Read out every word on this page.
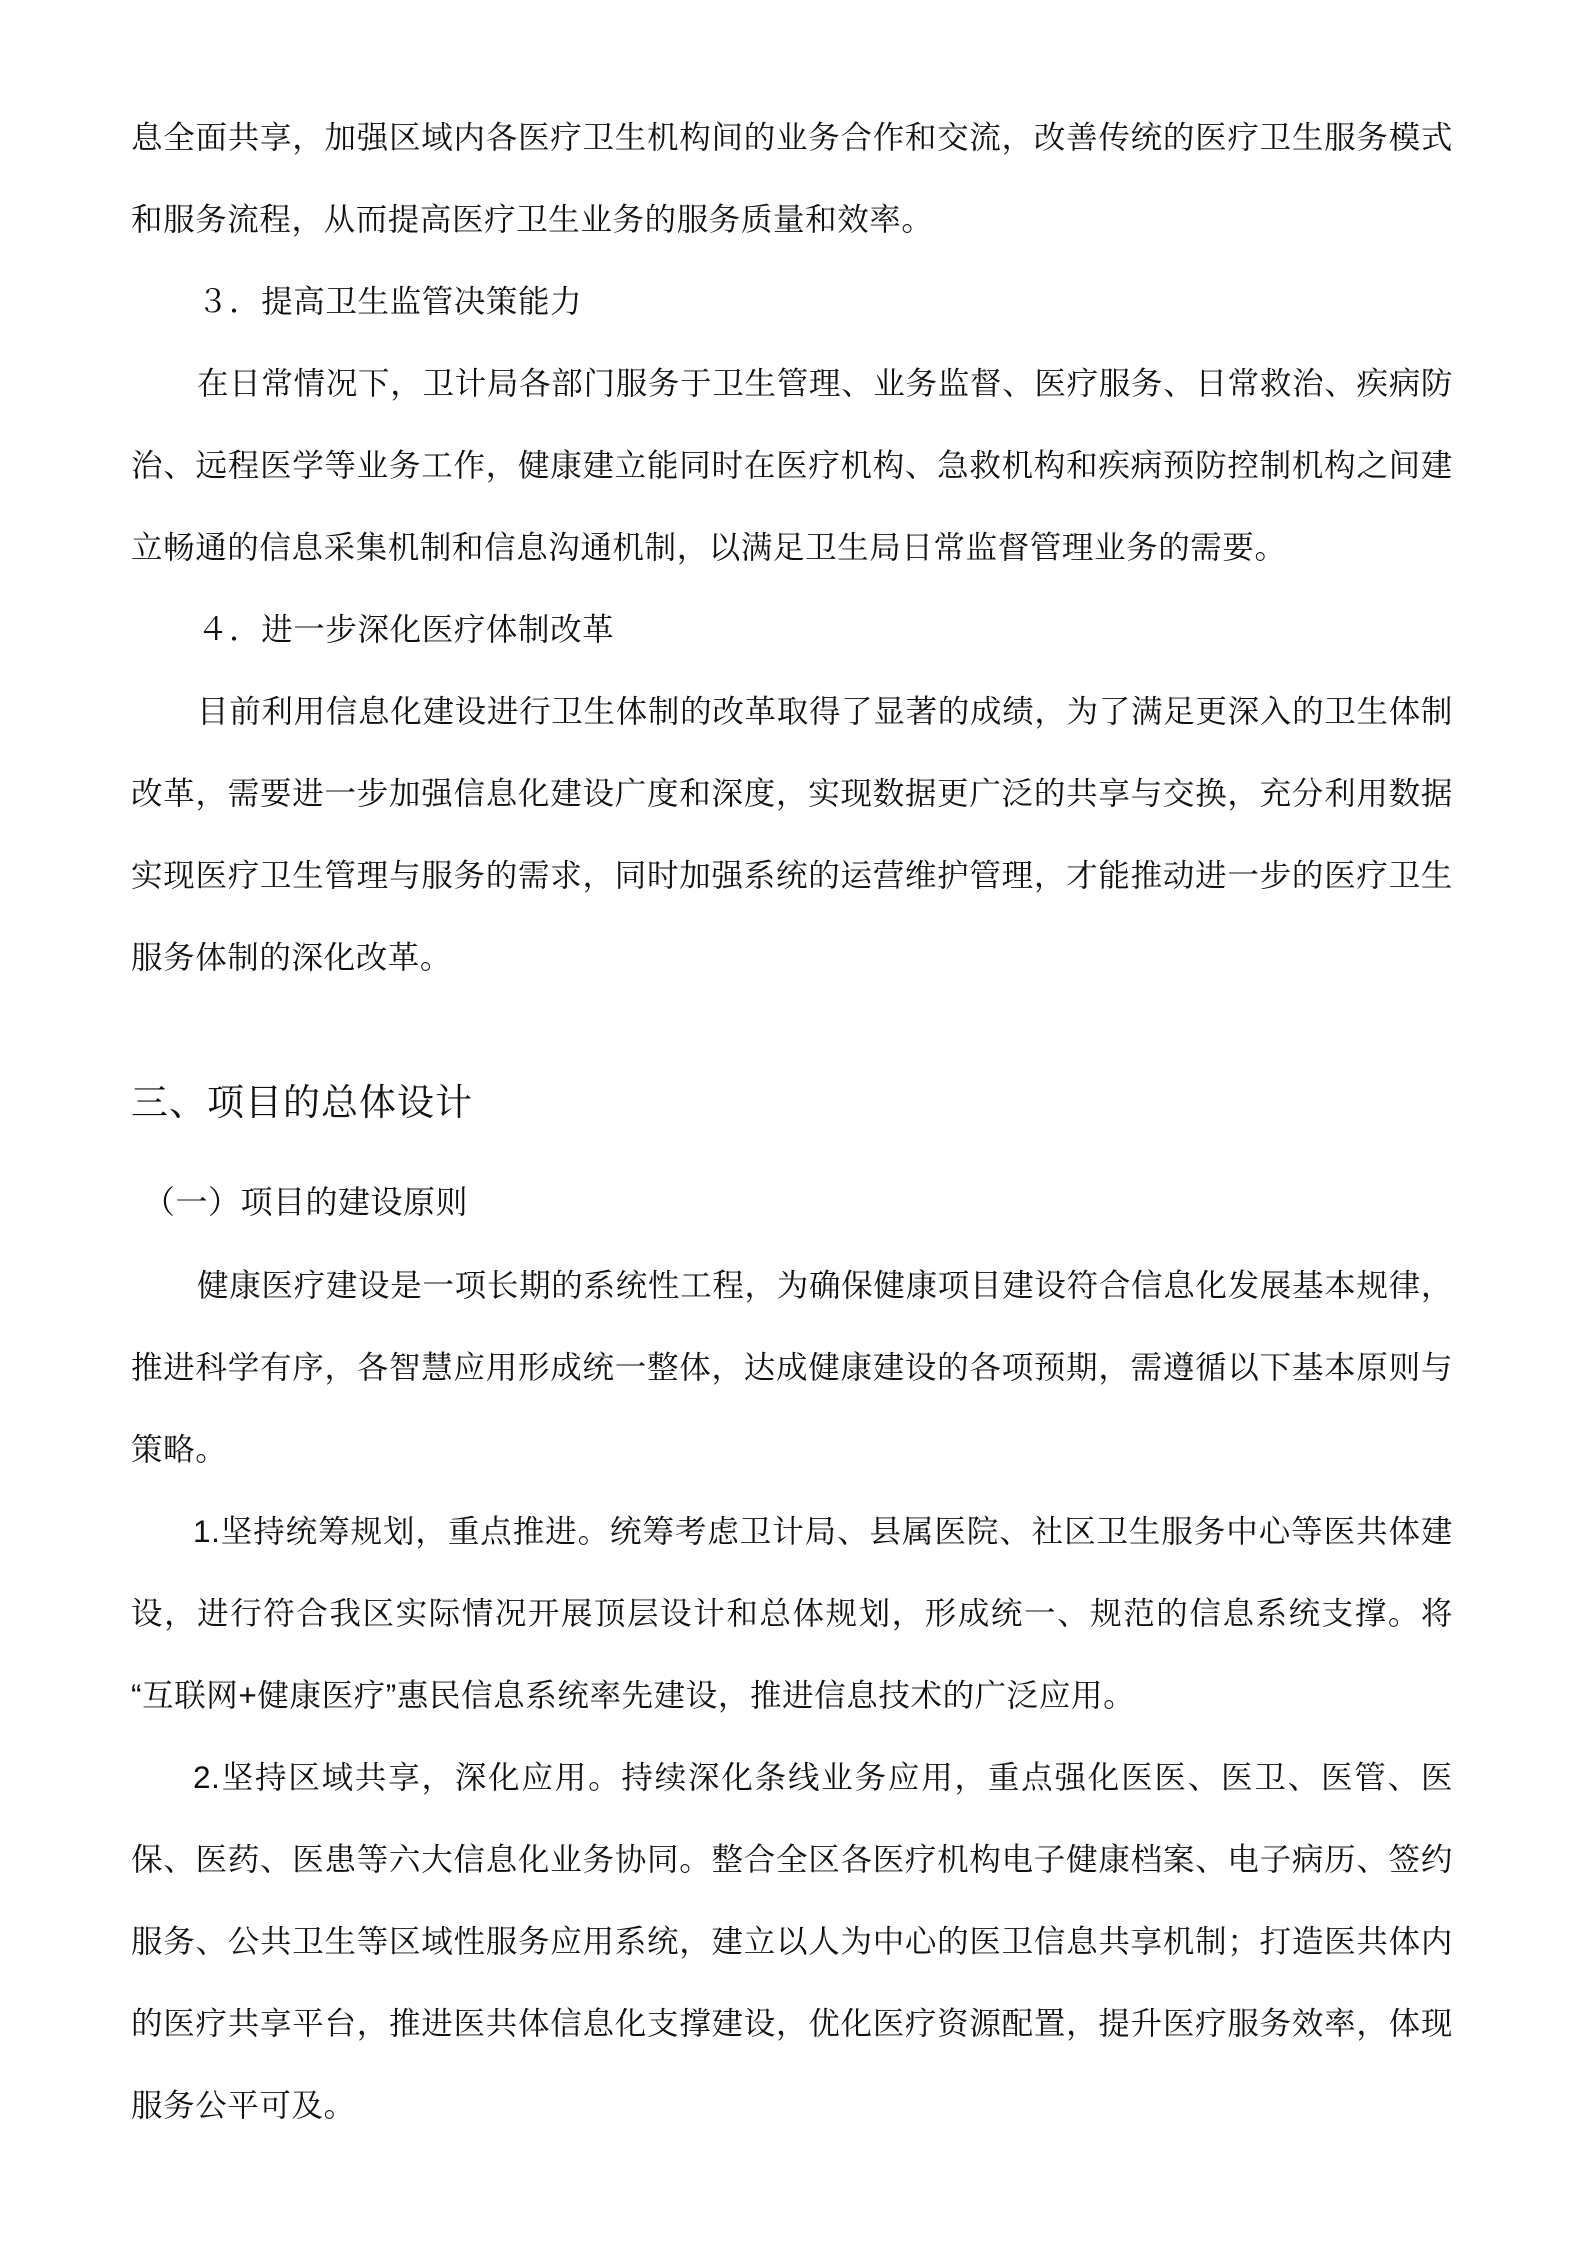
息全面共享，加强区域内各医疗卫生机构间的业务合作和交流，改善传统的医疗卫生服务模式和服务流程，从而提高医疗卫生业务的服务质量和效率。

３．提高卫生监管决策能力

在日常情况下，卫计局各部门服务于卫生管理、业务监督、医疗服务、日常救治、疾病防治、远程医学等业务工作，健康建立能同时在医疗机构、急救机构和疾病预防控制机构之间建立畅通的信息采集机制和信息沟通机制，以满足卫生局日常监督管理业务的需要。

４．进一步深化医疗体制改革

目前利用信息化建设进行卫生体制的改革取得了显著的成绩，为了满足更深入的卫生体制改革，需要进一步加强信息化建设广度和深度，实现数据更广泛的共享与交换，充分利用数据实现医疗卫生管理与服务的需求，同时加强系统的运营维护管理，才能推动进一步的医疗卫生服务体制的深化改革。

三、项目的总体设计
（一）项目的建设原则

健康医疗建设是一项长期的系统性工程，为确保健康项目建设符合信息化发展基本规律，推进科学有序，各智慧应用形成统一整体，达成健康建设的各项预期，需遵循以下基本原则与策略。

1.坚持统筹规划，重点推进。统筹考虑卫计局、县属医院、社区卫生服务中心等医共体建设，进行符合我区实际情况开展顶层设计和总体规划，形成统一、规范的信息系统支撑。将“互联网+健康医疗”惠民信息系统率先建设，推进信息技术的广泛应用。

2.坚持区域共享，深化应用。持续深化条线业务应用，重点强化医医、医卫、医管、医保、医药、医患等六大信息化业务协同。整合全区各医疗机构电子健康档案、电子病历、签约服务、公共卫生等区域性服务应用系统，建立以人为中心的医卫信息共享机制；打造医共体内的医疗共享平台，推进医共体信息化支撑建设，优化医疗资源配置，提升医疗服务效率，体现服务公平可及。
